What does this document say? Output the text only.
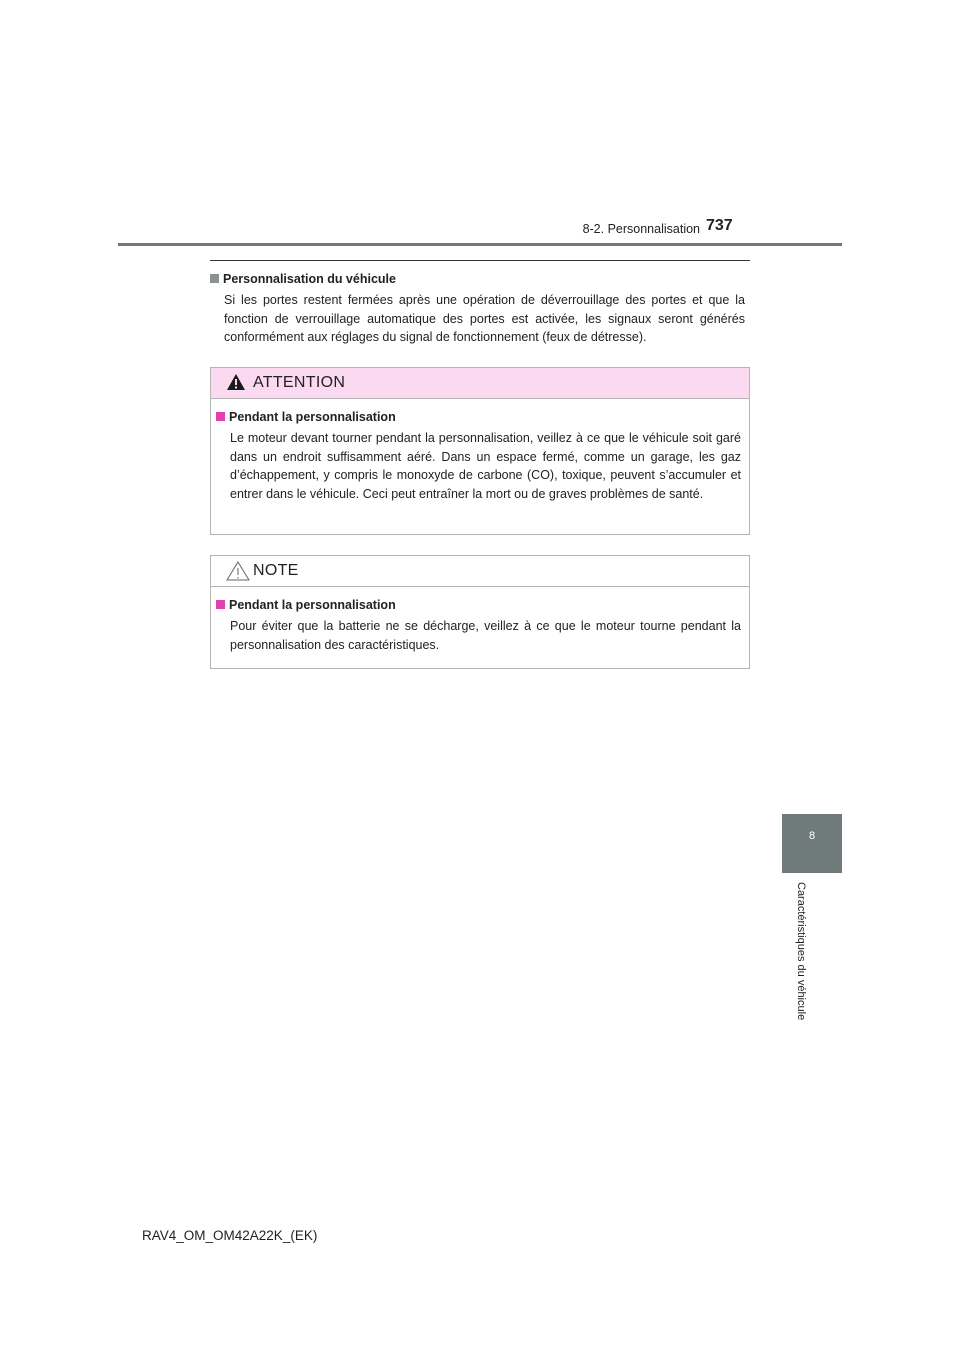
8-2. Personnalisation 737
Personnalisation du véhicule
Si les portes restent fermées après une opération de déverrouillage des portes et que la fonction de verrouillage automatique des portes est activée, les signaux seront générés conformément aux réglages du signal de fonctionnement (feux de détresse).
ATTENTION
Pendant la personnalisation
Le moteur devant tourner pendant la personnalisation, veillez à ce que le véhicule soit garé dans un endroit suffisamment aéré. Dans un espace fermé, comme un garage, les gaz d’échappement, y compris le monoxyde de carbone (CO), toxique, peuvent s’accumuler et entrer dans le véhicule. Ceci peut entraîner la mort ou de graves problèmes de santé.
NOTE
Pendant la personnalisation
Pour éviter que la batterie ne se décharge, veillez à ce que le moteur tourne pendant la personnalisation des caractéristiques.
8
Caractéristiques du véhicule
RAV4_OM_OM42A22K_(EK)
